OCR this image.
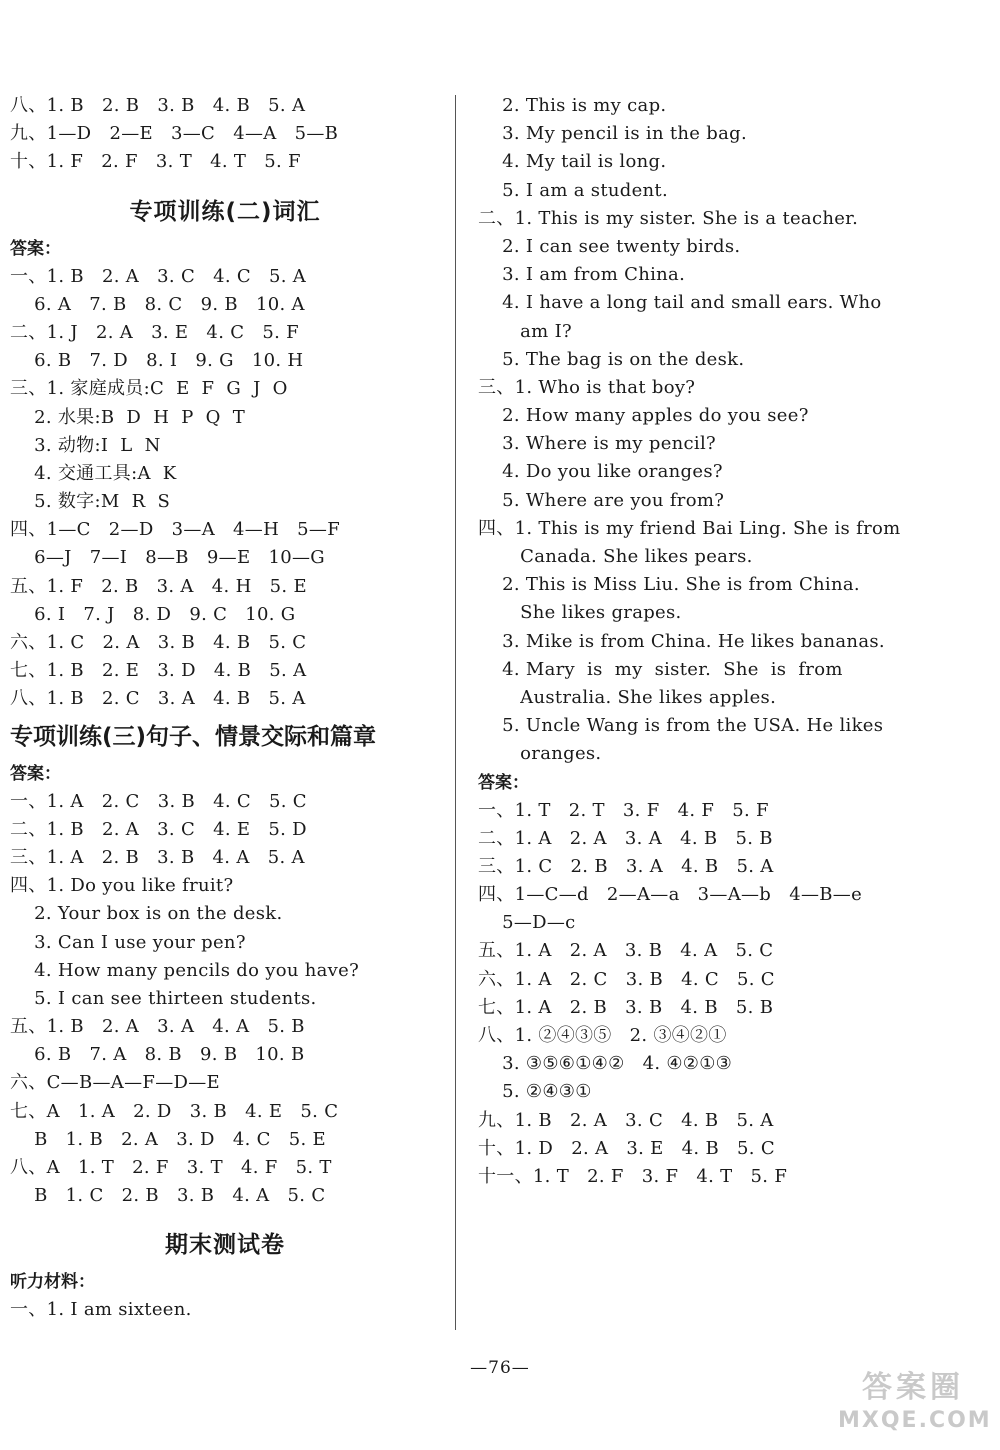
八、1. B   2. B   3. B   4. B   5. A
九、1—D   2—E   3—C   4—A   5—B
十、1. F   2. F   3. T   4. T   5. F
专项训练(二)词汇
答案：
一、1. B   2. A   3. C   4. C   5. A
6. A   7. B   8. C   9. B   10. A
二、1. J   2. A   3. E   4. C   5. F
6. B   7. D   8. I   9. G   10. H
三、1. 家庭成员:C  E  F  G  J  O
2. 水果:B  D  H  P  Q  T
3. 动物:I  L  N
4. 交通工具:A  K
5. 数字:M  R  S
四、1—C   2—D   3—A   4—H   5—F
6—J   7—I   8—B   9—E   10—G
五、1. F   2. B   3. A   4. H   5. E
6. I   7. J   8. D   9. C   10. G
六、1. C   2. A   3. B   4. B   5. C
七、1. B   2. E   3. D   4. B   5. A
八、1. B   2. C   3. A   4. B   5. A
专项训练(三)句子、情景交际和篇章
答案：
一、1. A   2. C   3. B   4. C   5. C
二、1. B   2. A   3. C   4. E   5. D
三、1. A   2. B   3. B   4. A   5. A
四、1. Do you like fruit?
2. Your box is on the desk.
3. Can I use your pen?
4. How many pencils do you have?
5. I can see thirteen students.
五、1. B   2. A   3. A   4. A   5. B
6. B   7. A   8. B   9. B   10. B
六、C—B—A—F—D—E
七、A   1. A   2. D   3. B   4. E   5. C
B   1. B   2. A   3. D   4. C   5. E
八、A   1. T   2. F   3. T   4. F   5. T
B   1. C   2. B   3. B   4. A   5. C
期末测试卷
听力材料：
一、1. I am sixteen.
2. This is my cap.
3. My pencil is in the bag.
4. My tail is long.
5. I am a student.
二、1. This is my sister. She is a teacher.
2. I can see twenty birds.
3. I am from China.
4. I have a long tail and small ears. Who
am I?
5. The bag is on the desk.
三、1. Who is that boy?
2. How many apples do you see?
3. Where is my pencil?
4. Do you like oranges?
5. Where are you from?
四、1. This is my friend Bai Ling. She is from
Canada. She likes pears.
2. This is Miss Liu. She is from China.
She likes grapes.
3. Mike is from China. He likes bananas.
4. Mary  is  my  sister.  She  is  from
Australia. She likes apples.
5. Uncle Wang is from the USA. He likes
oranges.
答案：
一、1. T   2. T   3. F   4. F   5. F
二、1. A   2. A   3. A   4. B   5. B
三、1. C   2. B   3. A   4. B   5. A
四、1—C—d   2—A—a   3—A—b   4—B—e
5—D—c
五、1. A   2. A   3. B   4. A   5. C
六、1. A   2. C   3. B   4. C   5. C
七、1. A   2. B   3. B   4. B   5. B
八、1. ②④③⑤   2. ③④②①
3. ③⑤⑥①④②   4. ④②①③
5. ②④③①
九、1. B   2. A   3. C   4. B   5. A
十、1. D   2. A   3. E   4. B   5. C
十一、1. T   2. F   3. F   4. T   5. F
—76—
答案圈
MXQE.COM
